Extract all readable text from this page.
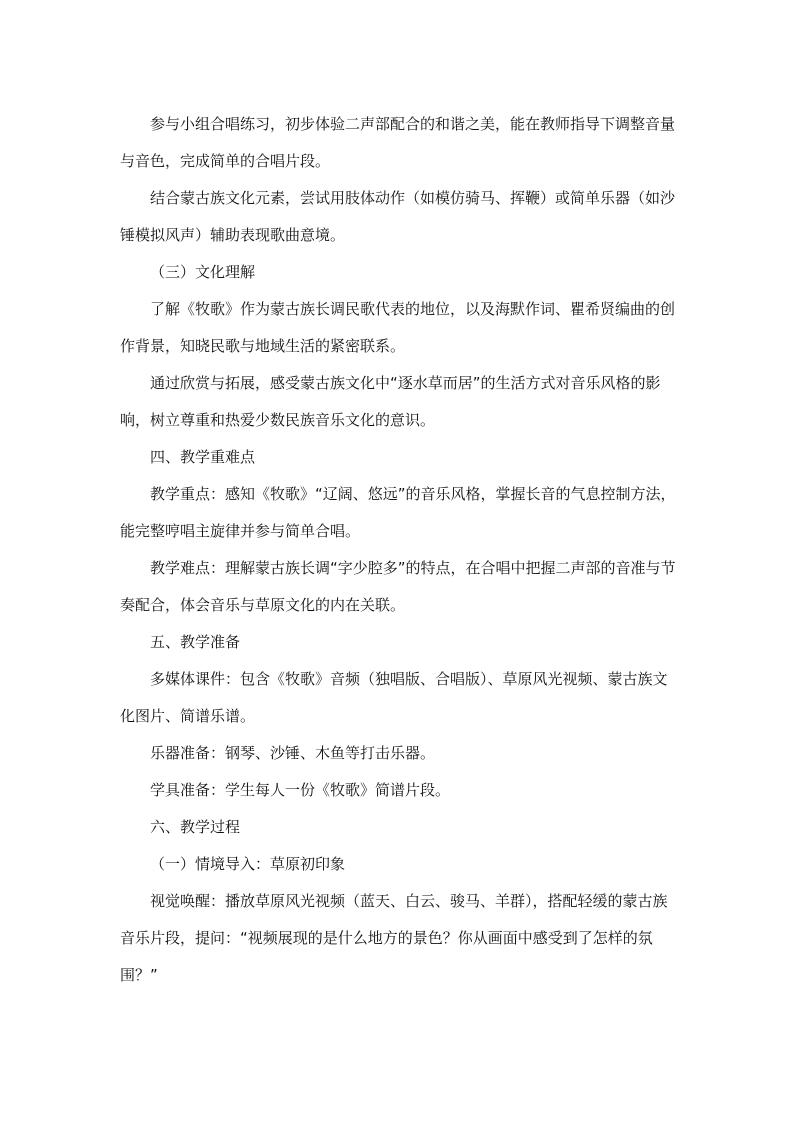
参与小组合唱练习，初步体验二声部配合的和谐之美，能在教师指导下调整音量与音色，完成简单的合唱片段。

结合蒙古族文化元素，尝试用肢体动作（如模仿骑马、挥鞭）或简单乐器（如沙锤模拟风声）辅助表现歌曲意境。

（三）文化理解

了解《牧歌》作为蒙古族长调民歌代表的地位，以及海默作词、瞿希贤编曲的创作背景，知晓民歌与地域生活的紧密联系。

通过欣赏与拓展，感受蒙古族文化中“逐水草而居”的生活方式对音乐风格的影响，树立尊重和热爱少数民族音乐文化的意识。

四、教学重难点

教学重点：感知《牧歌》“辽阔、悠远”的音乐风格，掌握长音的气息控制方法，能完整哼唱主旋律并参与简单合唱。

教学难点：理解蒙古族长调“字少腔多”的特点，在合唱中把握二声部的音准与节奏配合，体会音乐与草原文化的内在关联。

五、教学准备

多媒体课件：包含《牧歌》音频（独唱版、合唱版）、草原风光视频、蒙古族文化图片、简谱乐谱。

乐器准备：钢琴、沙锤、木鱼等打击乐器。

学具准备：学生每人一份《牧歌》简谱片段。

六、教学过程

（一）情境导入：草原初印象

视觉唤醒：播放草原风光视频（蓝天、白云、骏马、羊群），搭配轻缓的蒙古族音乐片段，提问：“视频展现的是什么地方的景色？你从画面中感受到了怎样的氛围？”
